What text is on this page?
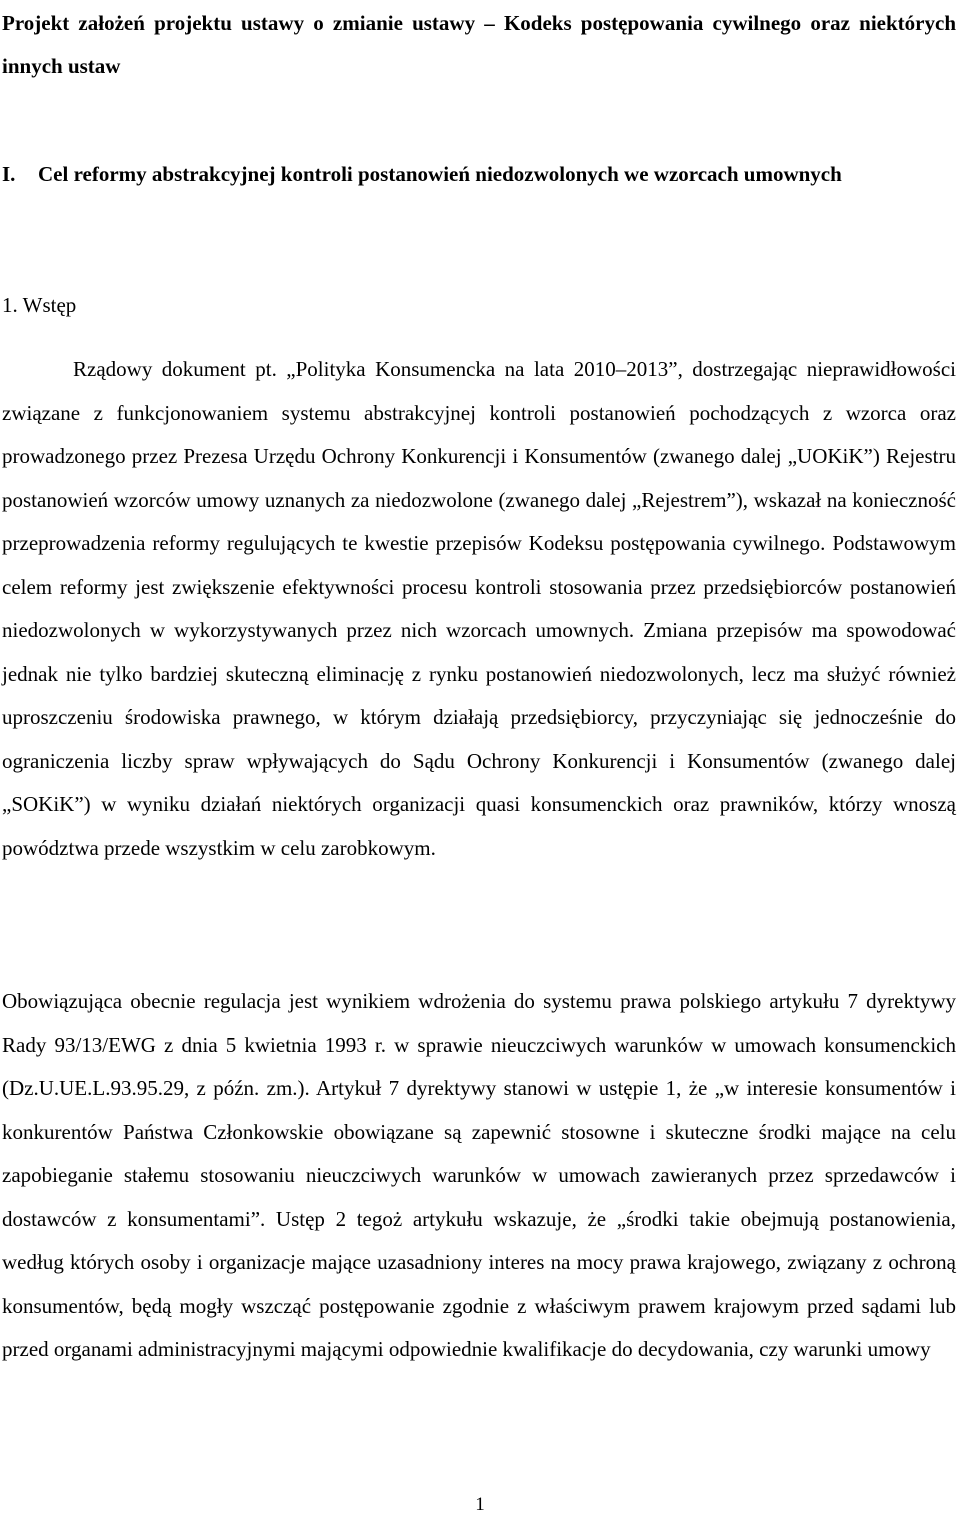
Projekt założeń projektu ustawy o zmianie ustawy – Kodeks postępowania cywilnego oraz niektórych innych ustaw
I. Cel reformy abstrakcyjnej kontroli postanowień niedozwolonych we wzorcach umownych
1. Wstęp

Rządowy dokument pt. „Polityka Konsumencka na lata 2010–2013”, dostrzegając nieprawidłowości związane z funkcjonowaniem systemu abstrakcyjnej kontroli postanowień pochodzących z wzorca oraz prowadzonego przez Prezesa Urzędu Ochrony Konkurencji i Konsumentów (zwanego dalej „UOKiK”) Rejestru postanowień wzorców umowy uznanych za niedozwolone (zwanego dalej „Rejestrem”), wskazał na konieczność przeprowadzenia reformy regulujących te kwestie przepisów Kodeksu postępowania cywilnego. Podstawowym celem reformy jest zwiększenie efektywności procesu kontroli stosowania przez przedsiębiorców postanowień niedozwolonych w wykorzystywanych przez nich wzorcach umownych. Zmiana przepisów ma spowodować jednak nie tylko bardziej skuteczną eliminację z rynku postanowień niedozwolonych, lecz ma służyć również uproszczeniu środowiska prawnego, w którym działają przedsiębiorcy, przyczyniając się jednocześnie do ograniczenia liczby spraw wpływających do Sądu Ochrony Konkurencji i Konsumentów (zwanego dalej „SOKiK”) w wyniku działań niektórych organizacji quasi konsumenckich oraz prawników, którzy wnoszą powództwa przede wszystkim w celu zarobkowym.

Obowiązująca obecnie regulacja jest wynikiem wdrożenia do systemu prawa polskiego artykułu 7 dyrektywy Rady 93/13/EWG z dnia 5 kwietnia 1993 r. w sprawie nieuczciwych warunków w umowach konsumenckich (Dz.U.UE.L.93.95.29, z późn. zm.). Artykuł 7 dyrektywy stanowi w ustępie 1, że „w interesie konsumentów i konkurentów Państwa Członkowskie obowiązane są zapewnić stosowne i skuteczne środki mające na celu zapobieganie stałemu stosowaniu nieuczciwych warunków w umowach zawieranych przez sprzedawców i dostawców z konsumentami”. Ustęp 2 tegoż artykułu wskazuje, że „środki takie obejmują postanowienia, według których osoby i organizacje mające uzasadniony interes na mocy prawa krajowego, związany z ochroną konsumentów, będą mogły wszcząć postępowanie zgodnie z właściwym prawem krajowym przed sądami lub przed organami administracyjnymi mającymi odpowiednie kwalifikacje do decydowania, czy warunki umowy

1
